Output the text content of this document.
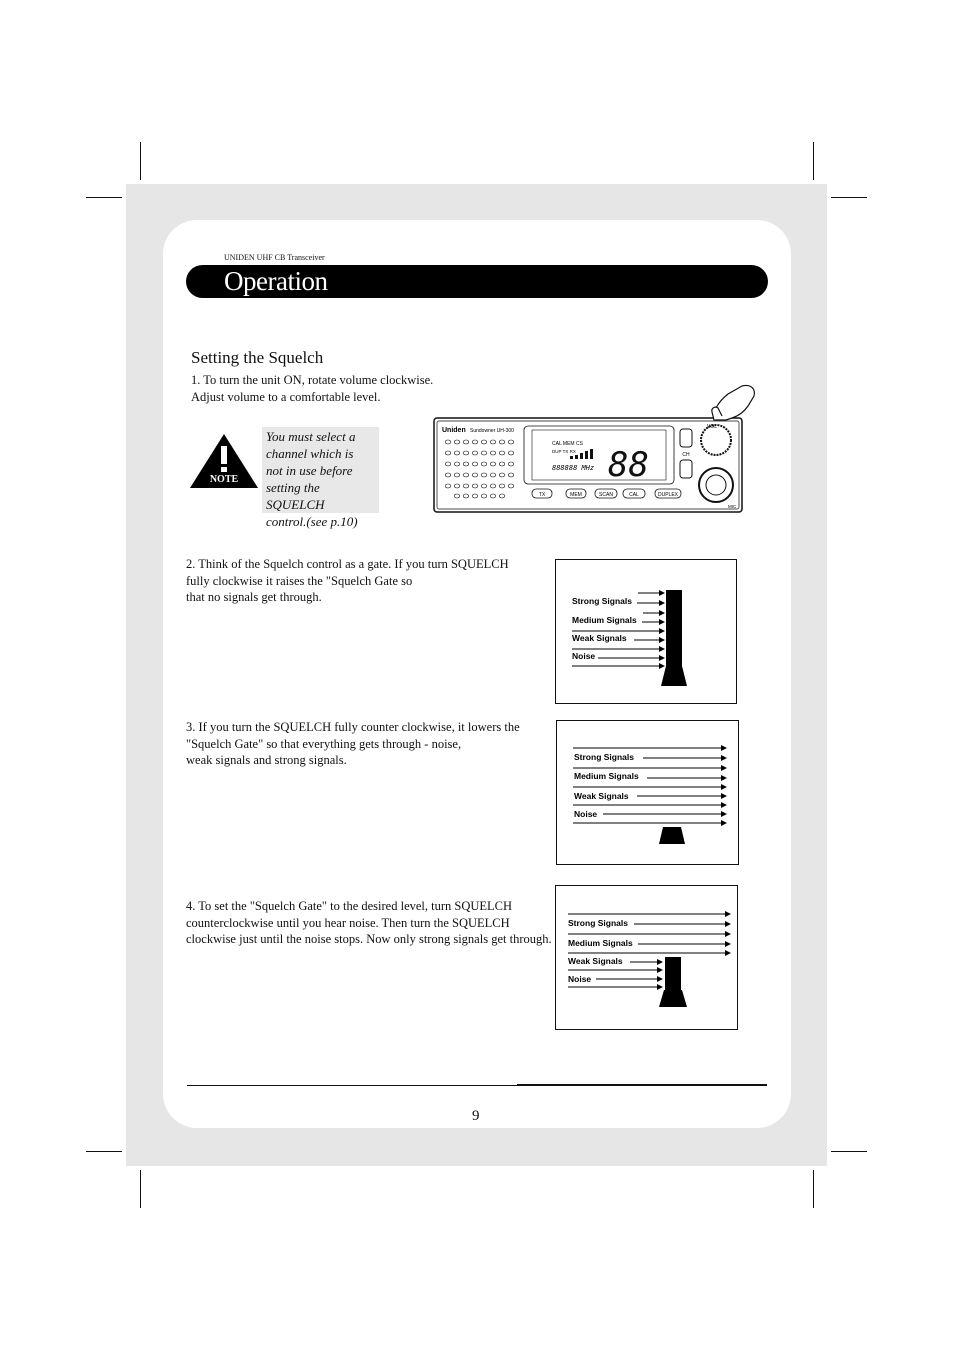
UNIDEN UHF CB Transceiver
Operation
Setting the Squelch
1. To turn the unit ON, rotate volume clockwise.
Adjust volume to a comfortable level.
NOTE
You must select a
channel which is
not in use before
setting the SQUELCH
control.(see p.10)
Uniden Sundowner UH-300
CAL MEM CS
DUP TX RX 88
888888 MHz
TX	MEM	SCAN	CAL	DUPLEX
CH
VOL
MIC
2. Think of the Squelch control as a gate. If you turn SQUELCH
fully clockwise it raises the "Squelch Gate so
that no signals get through.	Strong Signals
Medium Signals
Weak Signals
Noise
3. If you turn the SQUELCH fully counter clockwise, it lowers the
"Squelch Gate" so that everything gets through - noise,
weak signals and strong signals.	Strong Signals
Medium Signals
Weak Signals
Noise
4. To set the "Squelch Gate" to the desired level, turn SQUELCH
counterclockwise until you hear noise. Then turn the SQUELCH
clockwise just until the noise stops. Now only strong signals get through.
Strong Signals
Medium Signals
Weak Signals
Noise
9
